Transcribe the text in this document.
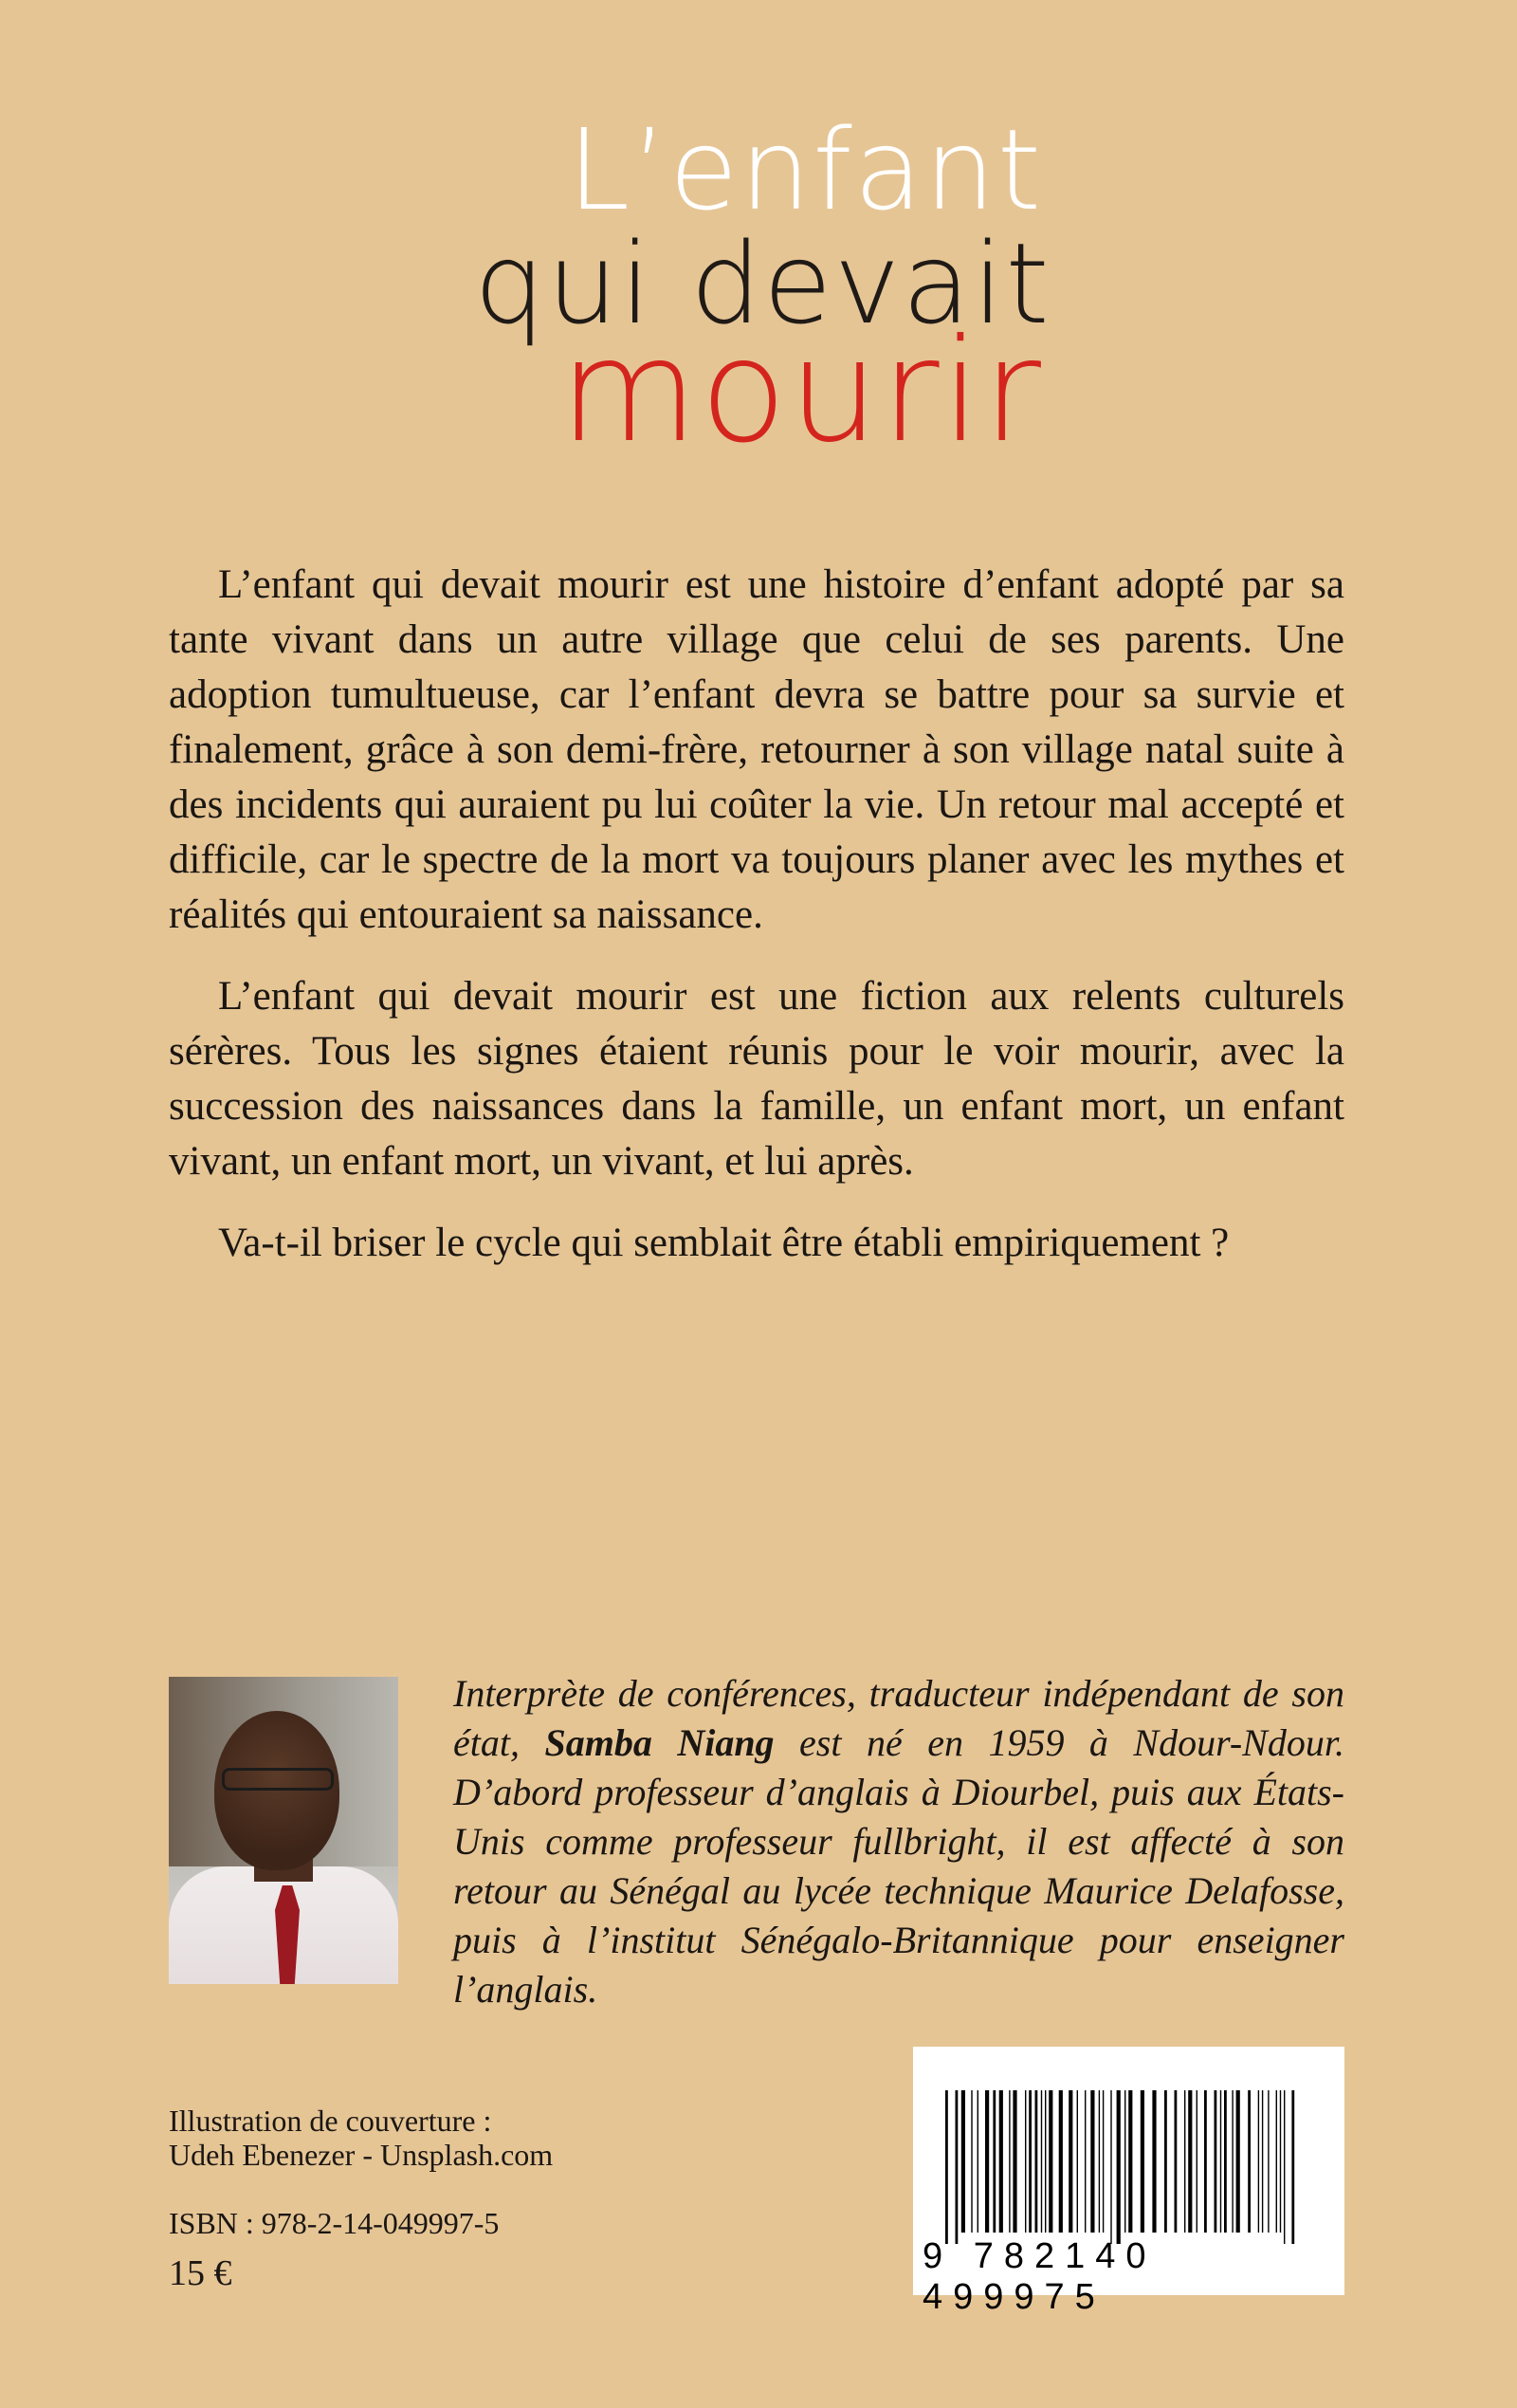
L’enfant
qui devait
mourir

L’enfant qui devait mourir est une histoire d’enfant adopté par sa tante vivant dans un autre village que celui de ses parents. Une adoption tumultueuse, car l’enfant devra se battre pour sa survie et finalement, grâce à son demi-frère, retourner à son village natal suite à des incidents qui auraient pu lui coûter la vie. Un retour mal accepté et difficile, car le spectre de la mort va toujours planer avec les mythes et réalités qui entouraient sa naissance.

L’enfant qui devait mourir est une fiction aux relents culturels sérères. Tous les signes étaient réunis pour le voir mourir, avec la succession des naissances dans la famille, un enfant mort, un enfant vivant, un enfant mort, un vivant, et lui après.

Va-t-il briser le cycle qui semblait être établi empiriquement ?

Interprète de conférences, traducteur indépendant de son état, Samba Niang est né en 1959 à Ndour-Ndour. D’abord professeur d’anglais à Diourbel, puis aux États-Unis comme professeur fullbright, il est affecté à son retour au Sénégal au lycée technique Maurice Delafosse, puis à l’institut Sénégalo-Britannique pour enseigner l’anglais.
Illustration de couverture :
Udeh Ebenezer - Unsplash.com
ISBN : 978-2-14-049997-5
15 €	9 782140 499975
